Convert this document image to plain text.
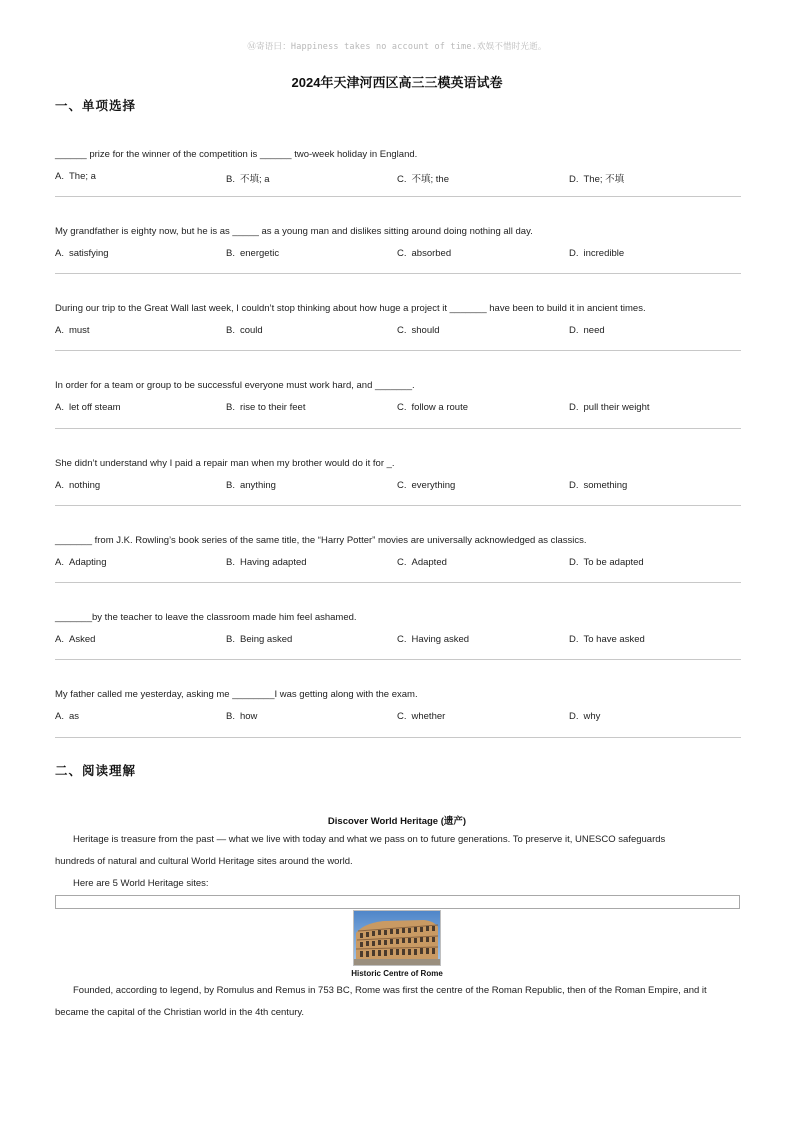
Ⓜ寄语曰：Happiness takes no account of time.欢娱不惜时光逝。
2024年天津河西区高三三模英语试卷
一、单项选择
______ prize for the winner of the competition is ______ two-week holiday in England.
A. The; a	B. 不填; a	C. 不填; the	D. The; 不填
My grandfather is eighty now, but he is as _____ as a young man and dislikes sitting around doing nothing all day.
A. satisfying	B. energetic	C. absorbed	D. incredible
During our trip to the Great Wall last week, I couldn’t stop thinking about how huge a project it _______ have been to build it in ancient times.
A. must	B. could	C. should	D. need
In order for a team or group to be successful everyone must work hard, and _______.
A. let off steam	B. rise to their feet	C. follow a route	D. pull their weight
She didn’t understand why I paid a repair man when my brother would do it for _.
A. nothing	B. anything	C. everything	D. something
_______ from J.K. Rowling’s book series of the same title, the “Harry Potter” movies are universally acknowledged as classics.
A. Adapting	B. Having adapted	C. Adapted	D. To be adapted
_______by the teacher to leave the classroom made him feel ashamed.
A. Asked	B. Being asked	C. Having asked	D. To have asked
My father called me yesterday, asking me ________I was getting along with the exam.
A. as	B. how	C. whether	D. why
二、阅读理解
Discover World Heritage (遗产)
Heritage is treasure from the past — what we live with today and what we pass on to future generations. To preserve it, UNESCO safeguards
hundreds of natural and cultural World Heritage sites around the world.
Here are 5 World Heritage sites:
Historic Centre of Rome
Founded, according to legend, by Romulus and Remus in 753 BC, Rome was first the centre of the Roman Republic, then of the Roman Empire, and it
became the capital of the Christian world in the 4th century.
